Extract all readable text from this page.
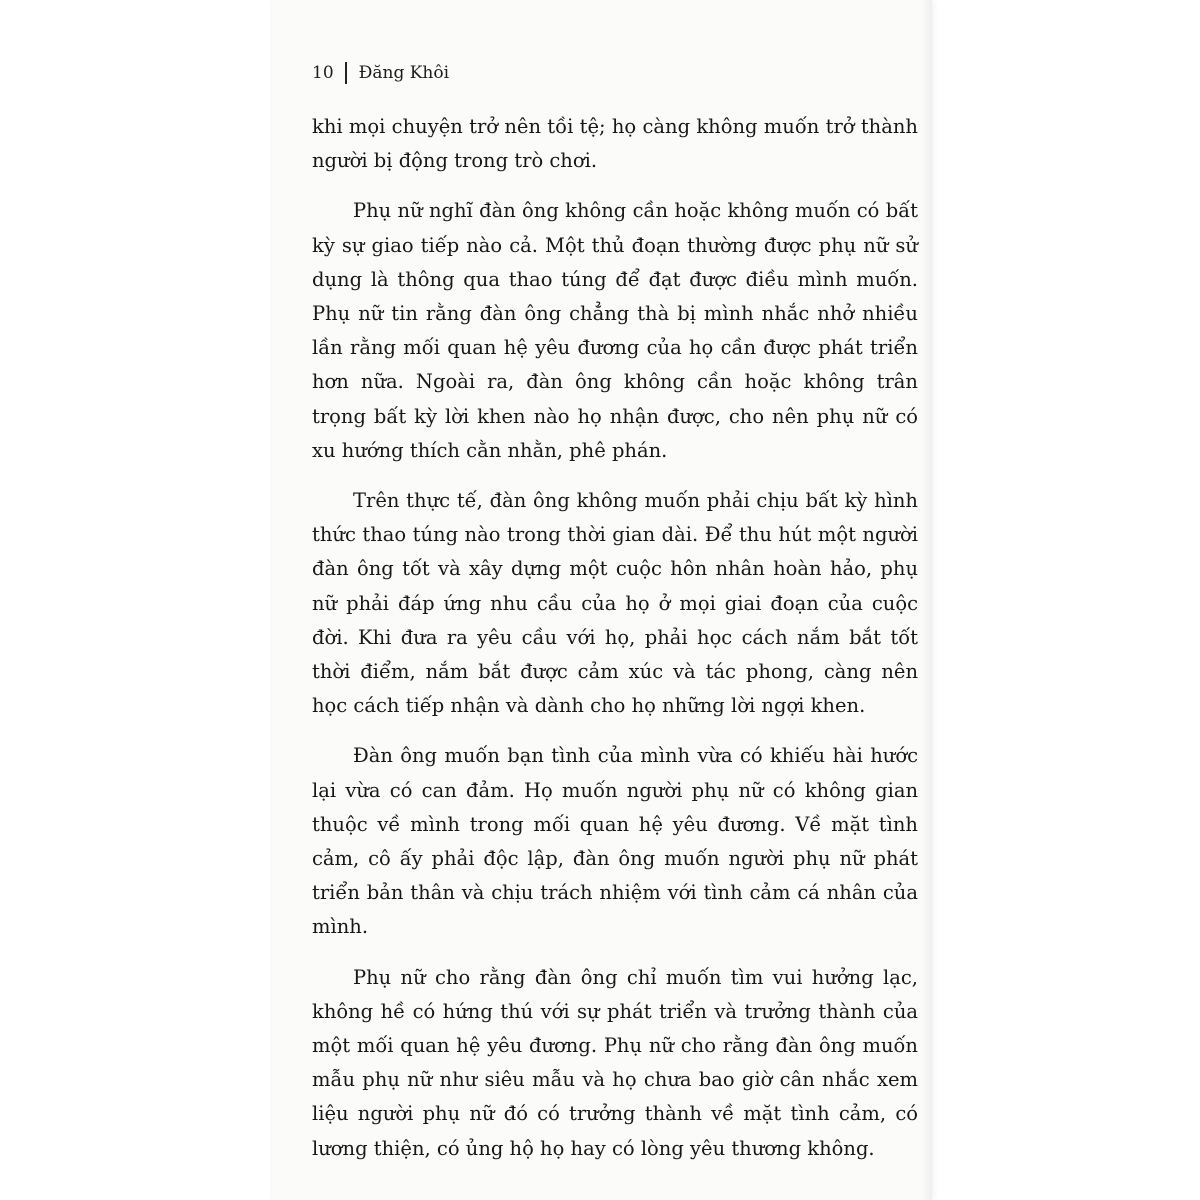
10 Đăng Khôi

khi mọi chuyện trở nên tồi tệ; họ càng không muốn trở thành người bị động trong trò chơi.

Phụ nữ nghĩ đàn ông không cần hoặc không muốn có bất kỳ sự giao tiếp nào cả. Một thủ đoạn thường được phụ nữ sử dụng là thông qua thao túng để đạt được điều mình muốn. Phụ nữ tin rằng đàn ông chẳng thà bị mình nhắc nhở nhiều lần rằng mối quan hệ yêu đương của họ cần được phát triển hơn nữa. Ngoài ra, đàn ông không cần hoặc không trân trọng bất kỳ lời khen nào họ nhận được, cho nên phụ nữ có xu hướng thích cằn nhằn, phê phán.

Trên thực tế, đàn ông không muốn phải chịu bất kỳ hình thức thao túng nào trong thời gian dài. Để thu hút một người đàn ông tốt và xây dựng một cuộc hôn nhân hoàn hảo, phụ nữ phải đáp ứng nhu cầu của họ ở mọi giai đoạn của cuộc đời. Khi đưa ra yêu cầu với họ, phải học cách nắm bắt tốt thời điểm, nắm bắt được cảm xúc và tác phong, càng nên học cách tiếp nhận và dành cho họ những lời ngợi khen.

Đàn ông muốn bạn tình của mình vừa có khiếu hài hước lại vừa có can đảm. Họ muốn người phụ nữ có không gian thuộc về mình trong mối quan hệ yêu đương. Về mặt tình cảm, cô ấy phải độc lập, đàn ông muốn người phụ nữ phát triển bản thân và chịu trách nhiệm với tình cảm cá nhân của mình.

Phụ nữ cho rằng đàn ông chỉ muốn tìm vui hưởng lạc, không hề có hứng thú với sự phát triển và trưởng thành của một mối quan hệ yêu đương. Phụ nữ cho rằng đàn ông muốn mẫu phụ nữ như siêu mẫu và họ chưa bao giờ cân nhắc xem liệu người phụ nữ đó có trưởng thành về mặt tình cảm, có lương thiện, có ủng hộ họ hay có lòng yêu thương không.
